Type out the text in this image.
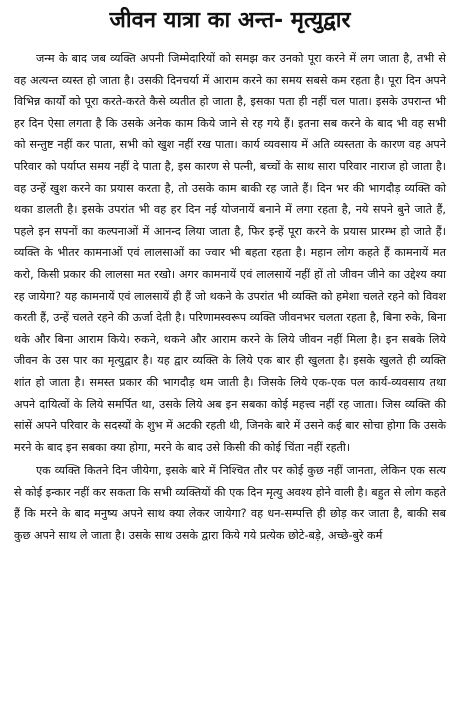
जीवन यात्रा का अन्त- मृत्युद्वार

जन्म के बाद जब व्यक्ति अपनी जिम्मेदारियों को समझ कर उनको पूरा करने में लग जाता है, तभी से वह अत्यन्त व्यस्त हो जाता है। उसकी दिनचर्या में आराम करने का समय सबसे कम रहता है। पूरा दिन अपने विभिन्न कार्यों को पूरा करते-करते कैसे व्यतीत हो जाता है, इसका पता ही नहीं चल पाता। इसके उपरान्त भी हर दिन ऐसा लगता है कि उसके अनेक काम किये जाने से रह गये हैं। इतना सब करने के बाद भी वह सभी को सन्तुष्ट नहीं कर पाता, सभी को खुश नहीं रख पाता। कार्य व्यवसाय में अति व्यस्तता के कारण वह अपने परिवार को पर्याप्त समय नहीं दे पाता है, इस कारण से पत्नी, बच्चों के साथ सारा परिवार नाराज हो जाता है। वह उन्हें खुश करने का प्रयास करता है, तो उसके काम बाकी रह जाते हैं। दिन भर की भागदौड़ व्यक्ति को थका डालती है। इसके उपरांत भी वह हर दिन नई योजनायें बनाने में लगा रहता है, नये सपने बुने जाते हैं, पहले इन सपनों का कल्पनाओं में आनन्द लिया जाता है, फिर इन्हें पूरा करने के प्रयास प्रारम्भ हो जाते हैं। व्यक्ति के भीतर कामनाओं एवं लालसाओं का ज्वार भी बहता रहता है। महान लोग कहते हैं कामनायें मत करो, किसी प्रकार की लालसा मत रखो। अगर कामनायें एवं लालसायें नहीं हों तो जीवन जीने का उद्देश्य क्या रह जायेगा? यह कामनायें एवं लालसायें ही हैं जो थकने के उपरांत भी व्यक्ति को हमेशा चलते रहने को विवश करती हैं, उन्हें चलते रहने की ऊर्जा देती है। परिणामस्वरूप व्यक्ति जीवनभर चलता रहता है, बिना रुके, बिना थके और बिना आराम किये। रुकने, थकने और आराम करने के लिये जीवन नहीं मिला है। इन सबके लिये जीवन के उस पार का मृत्युद्वार है। यह द्वार व्यक्ति के लिये एक बार ही खुलता है। इसके खुलते ही व्यक्ति शांत हो जाता है। समस्त प्रकार की भागदौड़ थम जाती है। जिसके लिये एक-एक पल कार्य-व्यवसाय तथा अपने दायित्वों के लिये समर्पित था, उसके लिये अब इन सबका कोई महत्त्व नहीं रह जाता। जिस व्यक्ति की सांसें अपने परिवार के सदस्यों के शुभ में अटकी रहती थी, जिनके बारे में उसने कई बार सोचा होगा कि उसके मरने के बाद इन सबका क्या होगा, मरने के बाद उसे किसी की कोई चिंता नहीं रहती।

एक व्यक्ति कितने दिन जीयेगा, इसके बारे में निश्चित तौर पर कोई कुछ नहीं जानता, लेकिन एक सत्य से कोई इन्कार नहीं कर सकता कि सभी व्यक्तियों की एक दिन मृत्यु अवश्य होने वाली है। बहुत से लोग कहते हैं कि मरने के बाद मनुष्य अपने साथ क्या लेकर जायेगा? वह धन-सम्पत्ति ही छोड़ कर जाता है, बाकी सब कुछ अपने साथ ले जाता है। उसके साथ उसके द्वारा किये गये प्रत्येक छोटे-बड़े, अच्छे-बुरे कर्म
